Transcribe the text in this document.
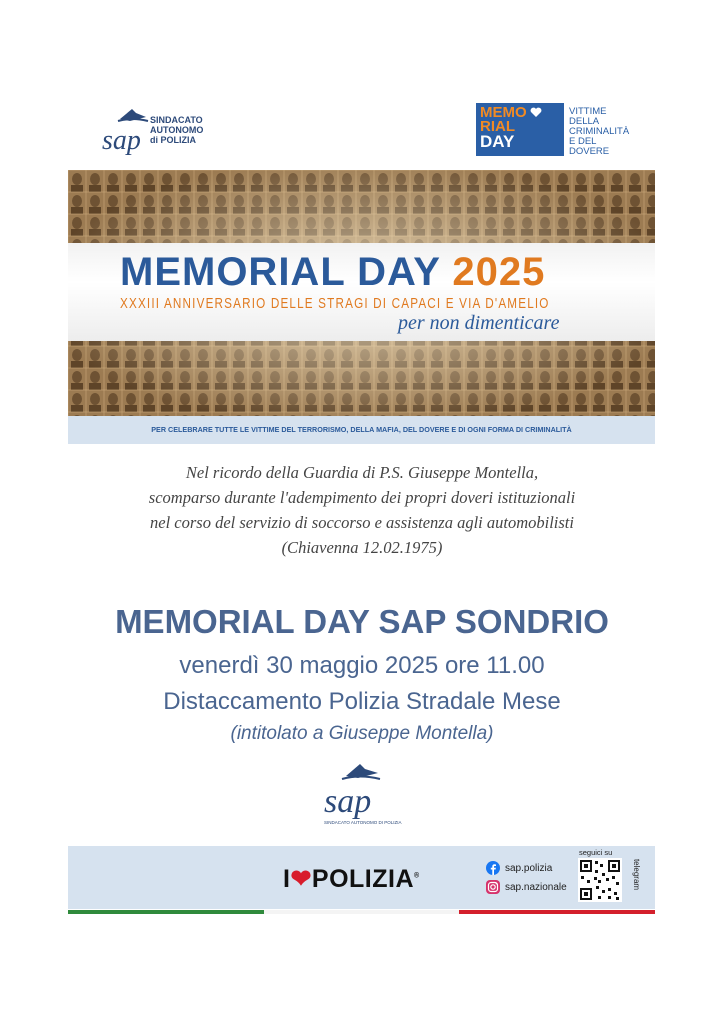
sap
SINDACATO
AUTONOMO
di POLIZIA
MEMO
RIAL
DAY
VITTIME
DELLA
CRIMINALITÀ
E DEL
DOVERE
MEMORIAL DAY 2025
XXXIII ANNIVERSARIO DELLE STRAGI DI CAPACI E VIA D'AMELIO
per non dimenticare
PER CELEBRARE TUTTE LE VITTIME DEL TERRORISMO, DELLA MAFIA, DEL DOVERE E DI OGNI FORMA DI CRIMINALITÀ
Nel ricordo della Guardia di P.S. Giuseppe Montella,
scomparso durante l'adempimento dei propri doveri istituzionali
nel corso del servizio di soccorso e assistenza agli automobilisti
(Chiavenna 12.02.1975)
MEMORIAL DAY SAP SONDRIO
venerdì 30 maggio 2025 ore 11.00
Distaccamento Polizia Stradale Mese
(intitolato a Giuseppe Montella)
sap
SINDACATO AUTONOMO DI POLIZIA
I❤POLIZIA®
sap.polizia
sap.nazionale
seguici su
telegram
